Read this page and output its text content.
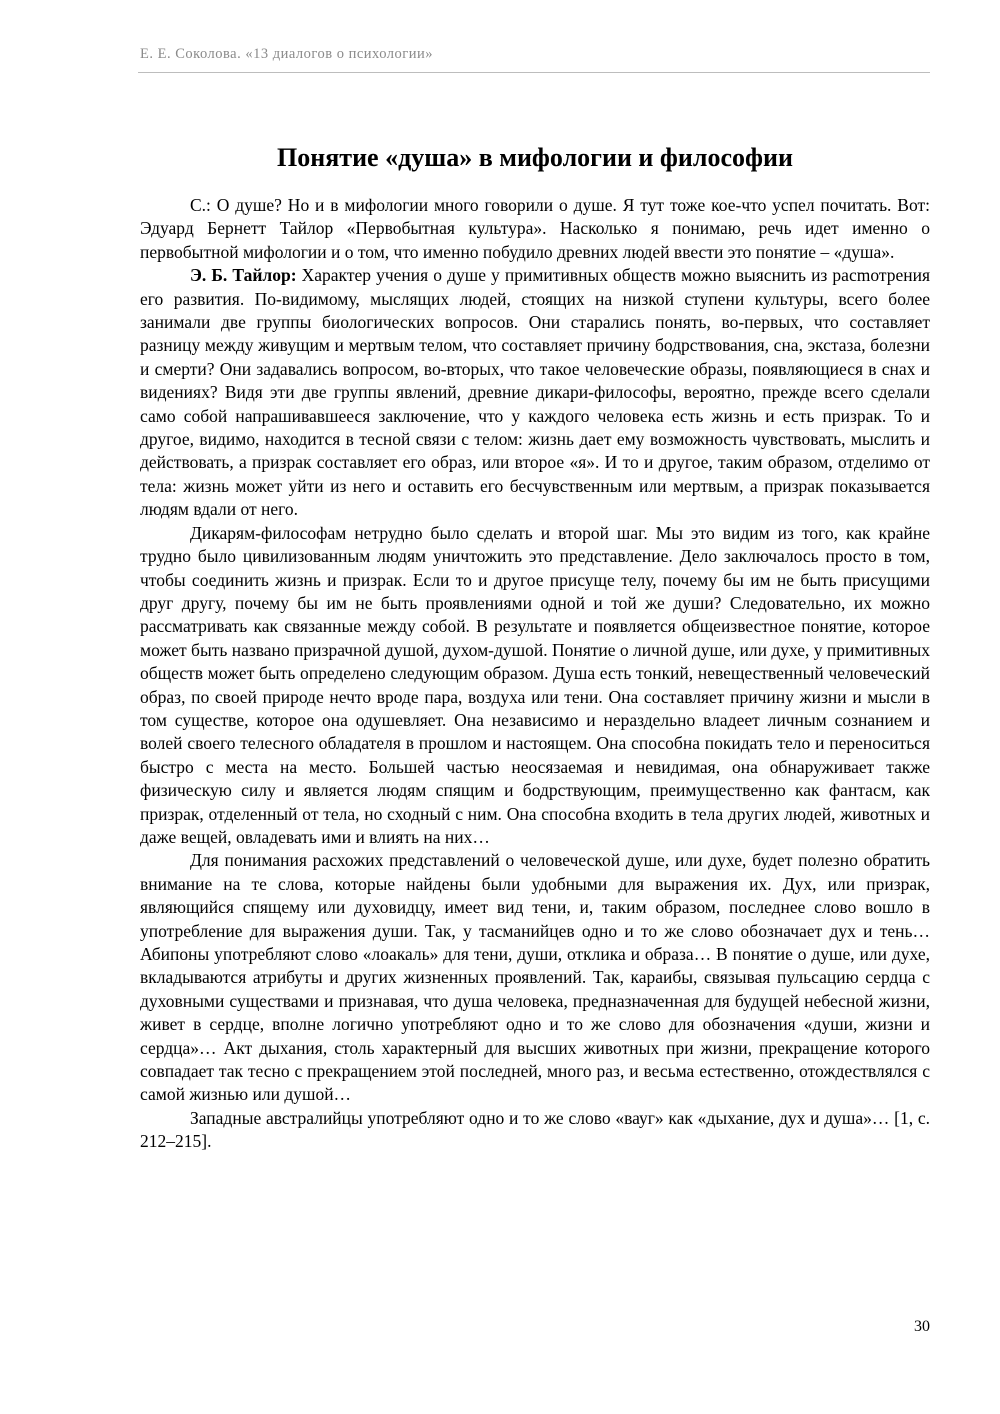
Е. Е. Соколова. «13 диалогов о психологии»
Понятие «душа» в мифологии и философии

С.: О душе? Но и в мифологии много говорили о душе. Я тут тоже кое-что успел почитать. Вот: Эдуард Бернетт Тайлор «Первобытная культура». Насколько я понимаю, речь идет именно о первобытной мифологии и о том, что именно побудило древних людей ввести это понятие – «душа».

Э. Б. Тайлор: Характер учения о душе у примитивных обществ можно выяснить из расmотрения его развития. По-видимому, мыслящих людей, стоящих на низкой ступени культуры, всего более занимали две группы биологических вопросов. Они старались понять, во-первых, что составляет разницу между живущим и мертвым телом, что составляет причину бодрствования, сна, экстаза, болезни и смерти? Они задавались вопросом, во-вторых, что такое человеческие образы, появляющиеся в снах и видениях? Видя эти две группы явлений, древние дикари-философы, вероятно, прежде всего сделали само собой напрашивавшееся заключение, что у каждого человека есть жизнь и есть призрак. То и другое, видимо, находится в тесной связи с телом: жизнь дает ему возможность чувствовать, мыслить и действовать, а призрак составляет его образ, или второе «я». И то и другое, таким образом, отделимо от тела: жизнь может уйти из него и оставить его бесчувственным или мертвым, а призрак показывается людям вдали от него.

Дикарям-философам нетрудно было сделать и второй шаг. Мы это видим из того, как крайне трудно было цивилизованным людям уничтожить это представление. Дело заключалось просто в том, чтобы соединить жизнь и призрак. Если то и другое присуще телу, почему бы им не быть присущими друг другу, почему бы им не быть проявлениями одной и той же души? Следовательно, их можно рассматривать как связанные между собой. В результате и появляется общеизвестное понятие, которое может быть названо призрачной душой, духом-душой. Понятие о личной душе, или духе, у примитивных обществ может быть определено следующим образом. Душа есть тонкий, невещественный человеческий образ, по своей природе нечто вроде пара, воздуха или тени. Она составляет причину жизни и мысли в том существе, которое она одушевляет. Она независимо и нераздельно владеет личным сознанием и волей своего телесного обладателя в прошлом и настоящем. Она способна покидать тело и переноситься быстро с места на место. Большей частью неосязаемая и невидимая, она обнаруживает также физическую силу и является людям спящим и бодрствующим, преимущественно как фантасм, как призрак, отделенный от тела, но сходный с ним. Она способна входить в тела других людей, животных и даже вещей, овладевать ими и влиять на них…

Для понимания расхожих представлений о человеческой душе, или духе, будет полезно обратить внимание на те слова, которые найдены были удобными для выражения их. Дух, или призрак, являющийся спящему или духовидцу, имеет вид тени, и, таким образом, последнее слово вошло в употребление для выражения души. Так, у тасманийцев одно и то же слово обозначает дух и тень… Абипоны употребляют слово «лоакаль» для тени, души, отклика и образа… В понятие о душе, или духе, вкладываются атрибуты и других жизненных проявлений. Так, караибы, связывая пульсацию сердца с духовными существами и признавая, что душа человека, предназначенная для будущей небесной жизни, живет в сердце, вполне логично употребляют одно и то же слово для обозначения «души, жизни и сердца»… Акт дыхания, столь характерный для высших животных при жизни, прекращение которого совпадает так тесно с прекращением этой последней, много раз, и весьма естественно, отождествлялся с самой жизнью или душой…

Западные австралийцы употребляют одно и то же слово «вауг» как «дыхание, дух и душа»… [1, с. 212–215].

30
